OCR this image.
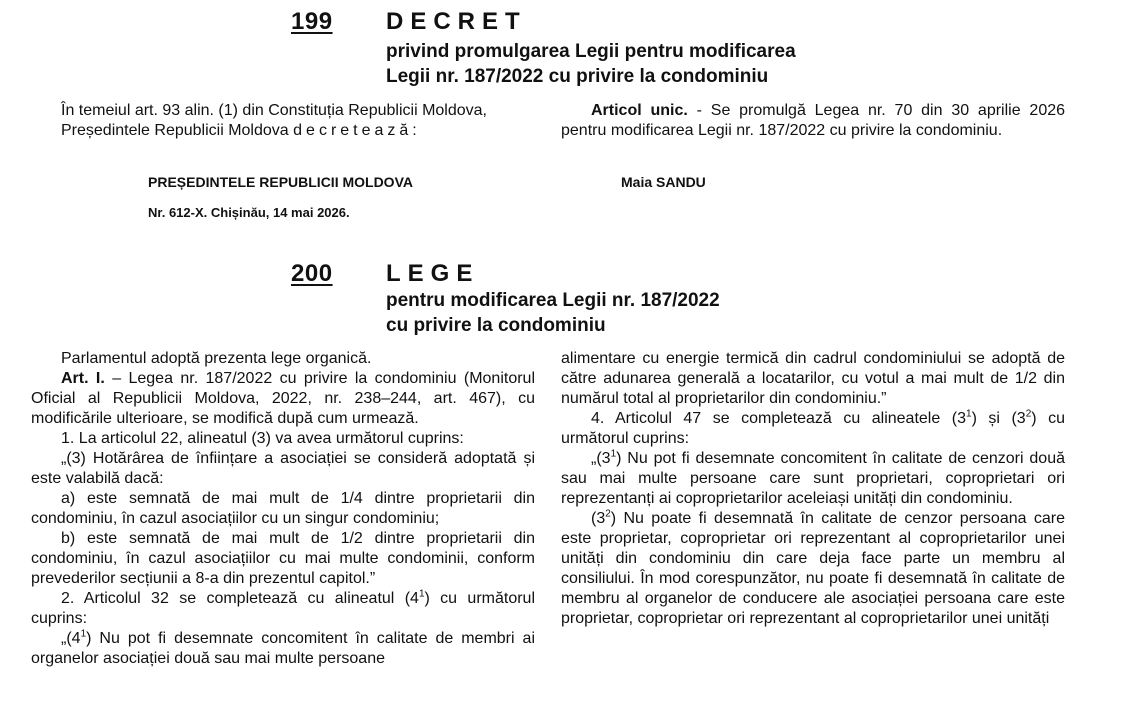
199 DECRET
privind promulgarea Legii pentru modificarea
Legii nr. 187/2022 cu privire la condominiu

În temeiul art. 93 alin. (1) din Constituția Republicii Moldova,

Președintele Republicii Moldova decretează:

Articol unic. - Se promulgă Legea nr. 70 din 30 aprilie 2026 pentru modificarea Legii nr. 187/2022 cu privire la condominiu.

PREȘEDINTELE REPUBLICII MOLDOVA	Maia SANDU
Nr. 612-X. Chișinău, 14 mai 2026.
200 LEGE
pentru modificarea Legii nr. 187/2022
cu privire la condominiu

Parlamentul adoptă prezenta lege organică.

Art. I. – Legea nr. 187/2022 cu privire la condominiu (Monitorul Oficial al Republicii Moldova, 2022, nr. 238–244, art. 467), cu modificările ulterioare, se modifică după cum urmează.

1. La articolul 22, alineatul (3) va avea următorul cuprins:

„(3) Hotărârea de înființare a asociației se consideră adoptată și este valabilă dacă:

a) este semnată de mai mult de 1/4 dintre proprietarii din condominiu, în cazul asociațiilor cu un singur condominiu;

b) este semnată de mai mult de 1/2 dintre proprietarii din condominiu, în cazul asociațiilor cu mai multe condominii, conform prevederilor secțiunii a 8-a din prezentul capitol.”

2. Articolul 32 se completează cu alineatul $(4^1)$ cu următorul cuprins:

$„(4^1)$ Nu pot fi desemnate concomitent în calitate de membri ai organelor asociației două sau mai multe persoane

alimentare cu energie termică din cadrul condominiului se adoptă de către adunarea generală a locatarilor, cu votul a mai mult de 1/2 din numărul total al proprietarilor din condominiu.”

4. Articolul 47 se completează cu alineatele $(3^1)$ și $(3^2)$ cu următorul cuprins:

$„(3^1)$ Nu pot fi desemnate concomitent în calitate de cenzori două sau mai multe persoane care sunt proprietari, coproprietari ori reprezentanți ai coproprietarilor aceleiași unități din condominiu.

$(3^2)$ Nu poate fi desemnată în calitate de cenzor persoana care este proprietar, coproprietar ori reprezentant al coproprietarilor unei unități din condominiu din care deja face parte un membru al consiliului. În mod corespunzător, nu poate fi desemnată în calitate de membru al organelor de conducere ale asociației persoana care este proprietar, coproprietar ori reprezentant al coproprietarilor unei unități
